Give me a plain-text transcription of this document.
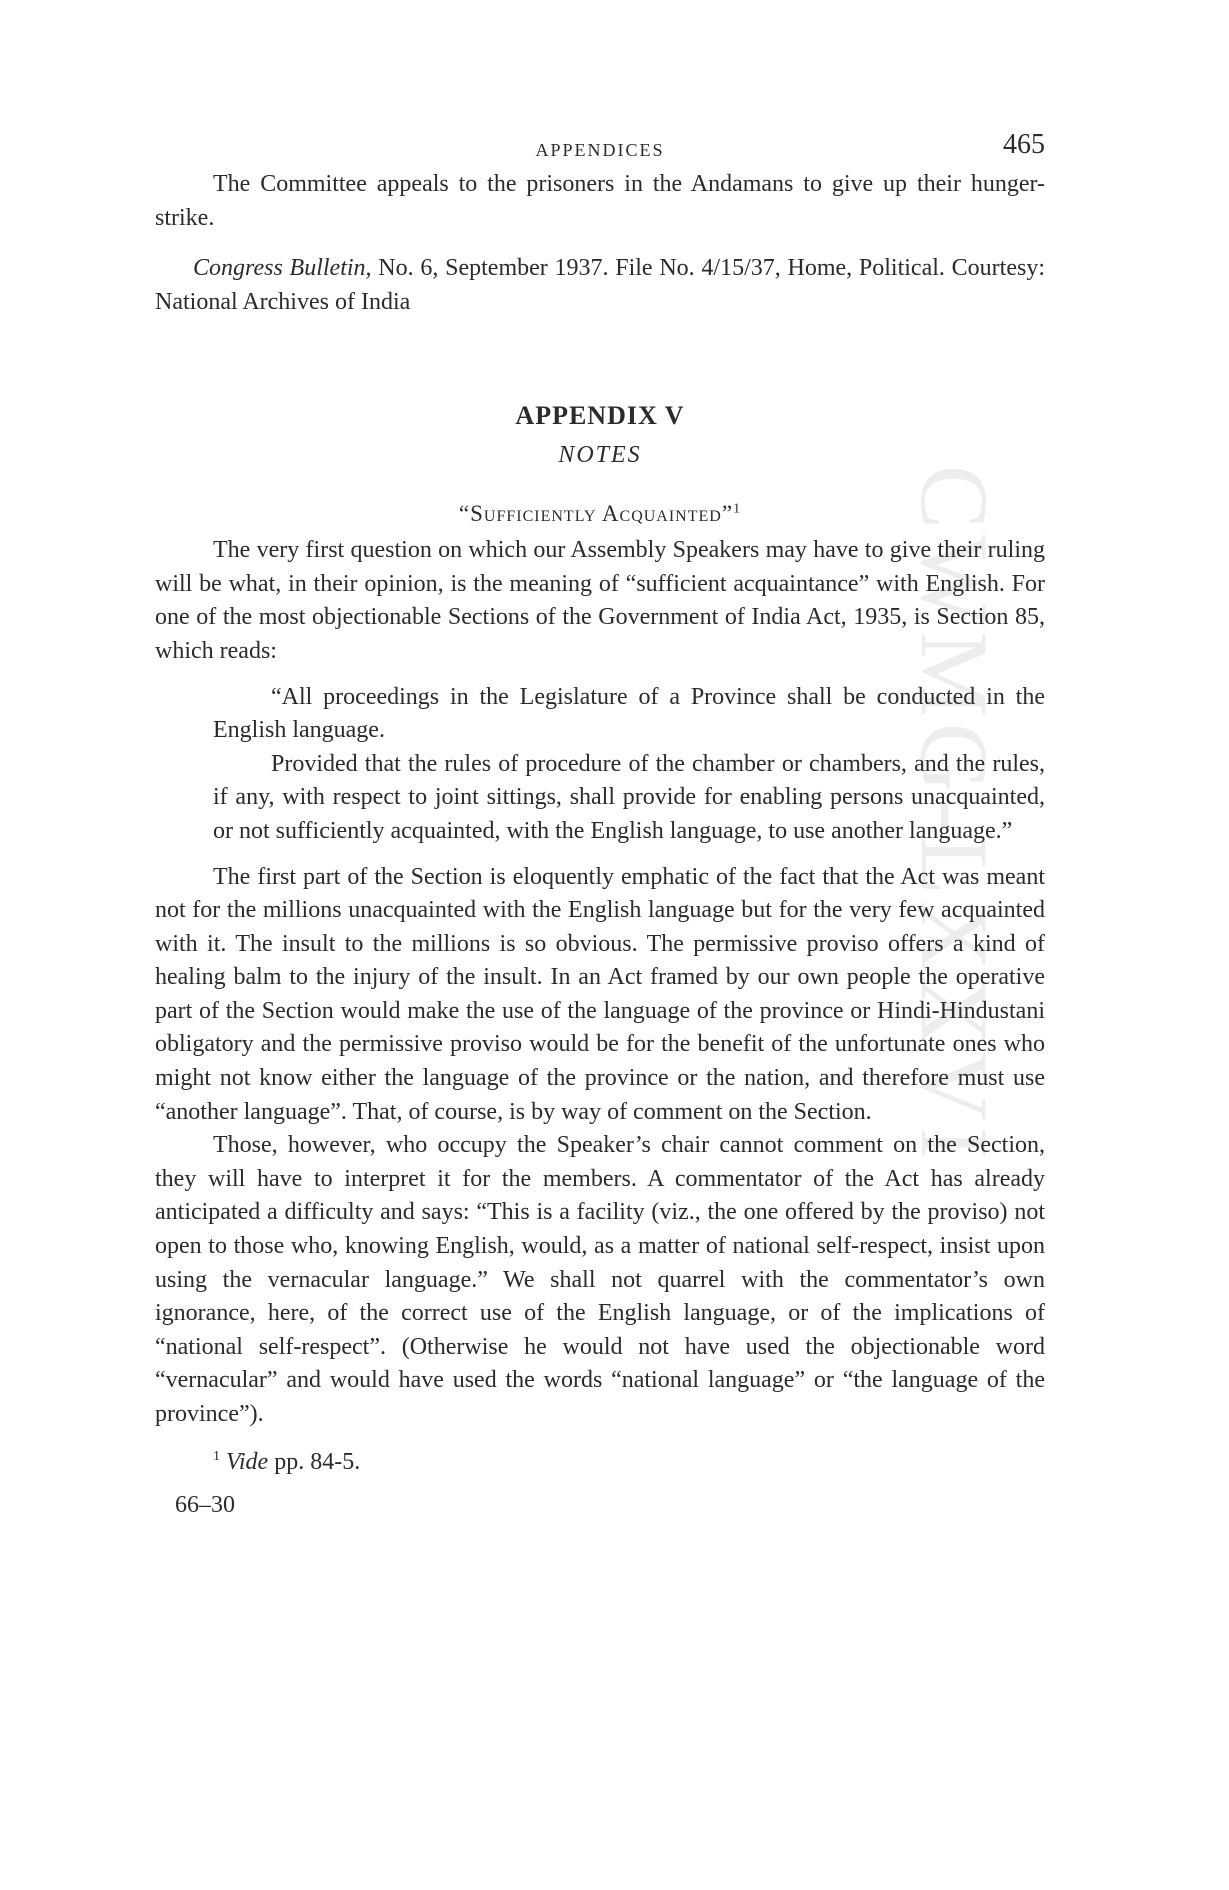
CWMG-LXXVI
APPENDICES	465

The Committee appeals to the prisoners in the Andamans to give up their hunger-strike.

Congress Bulletin, No. 6, September 1937. File No. 4/15/37, Home, Political. Courtesy: National Archives of India

APPENDIX V
NOTES
“Sufficiently Acquainted”$^1$

The very first question on which our Assembly Speakers may have to give their ruling will be what, in their opinion, is the meaning of “sufficient acquaintance” with English. For one of the most objectionable Sections of the Government of India Act, 1935, is Section 85, which reads:

“All proceedings in the Legislature of a Province shall be conducted in the English language.

Provided that the rules of procedure of the chamber or chambers, and the rules, if any, with respect to joint sittings, shall provide for enabling persons unacquainted, or not sufficiently acquainted, with the English language, to use another language.”

The first part of the Section is eloquently emphatic of the fact that the Act was meant not for the millions unacquainted with the English language but for the very few acquainted with it. The insult to the millions is so obvious. The permissive proviso offers a kind of healing balm to the injury of the insult. In an Act framed by our own people the operative part of the Section would make the use of the language of the province or Hindi-Hindustani obligatory and the permissive proviso would be for the benefit of the unfortunate ones who might not know either the language of the province or the nation, and therefore must use “another language”. That, of course, is by way of comment on the Section.

Those, however, who occupy the Speaker’s chair cannot comment on the Section, they will have to interpret it for the members. A commentator of the Act has already anticipated a difficulty and says: “This is a facility (viz., the one offered by the proviso) not open to those who, knowing English, would, as a matter of national self-respect, insist upon using the vernacular language.” We shall not quarrel with the commentator’s own ignorance, here, of the correct use of the English language, or of the implications of “national self-respect”. (Otherwise he would not have used the objectionable word “vernacular” and would have used the words “national language” or “the language of the province”).

$^1$ Vide pp. 84-5.

66–30
